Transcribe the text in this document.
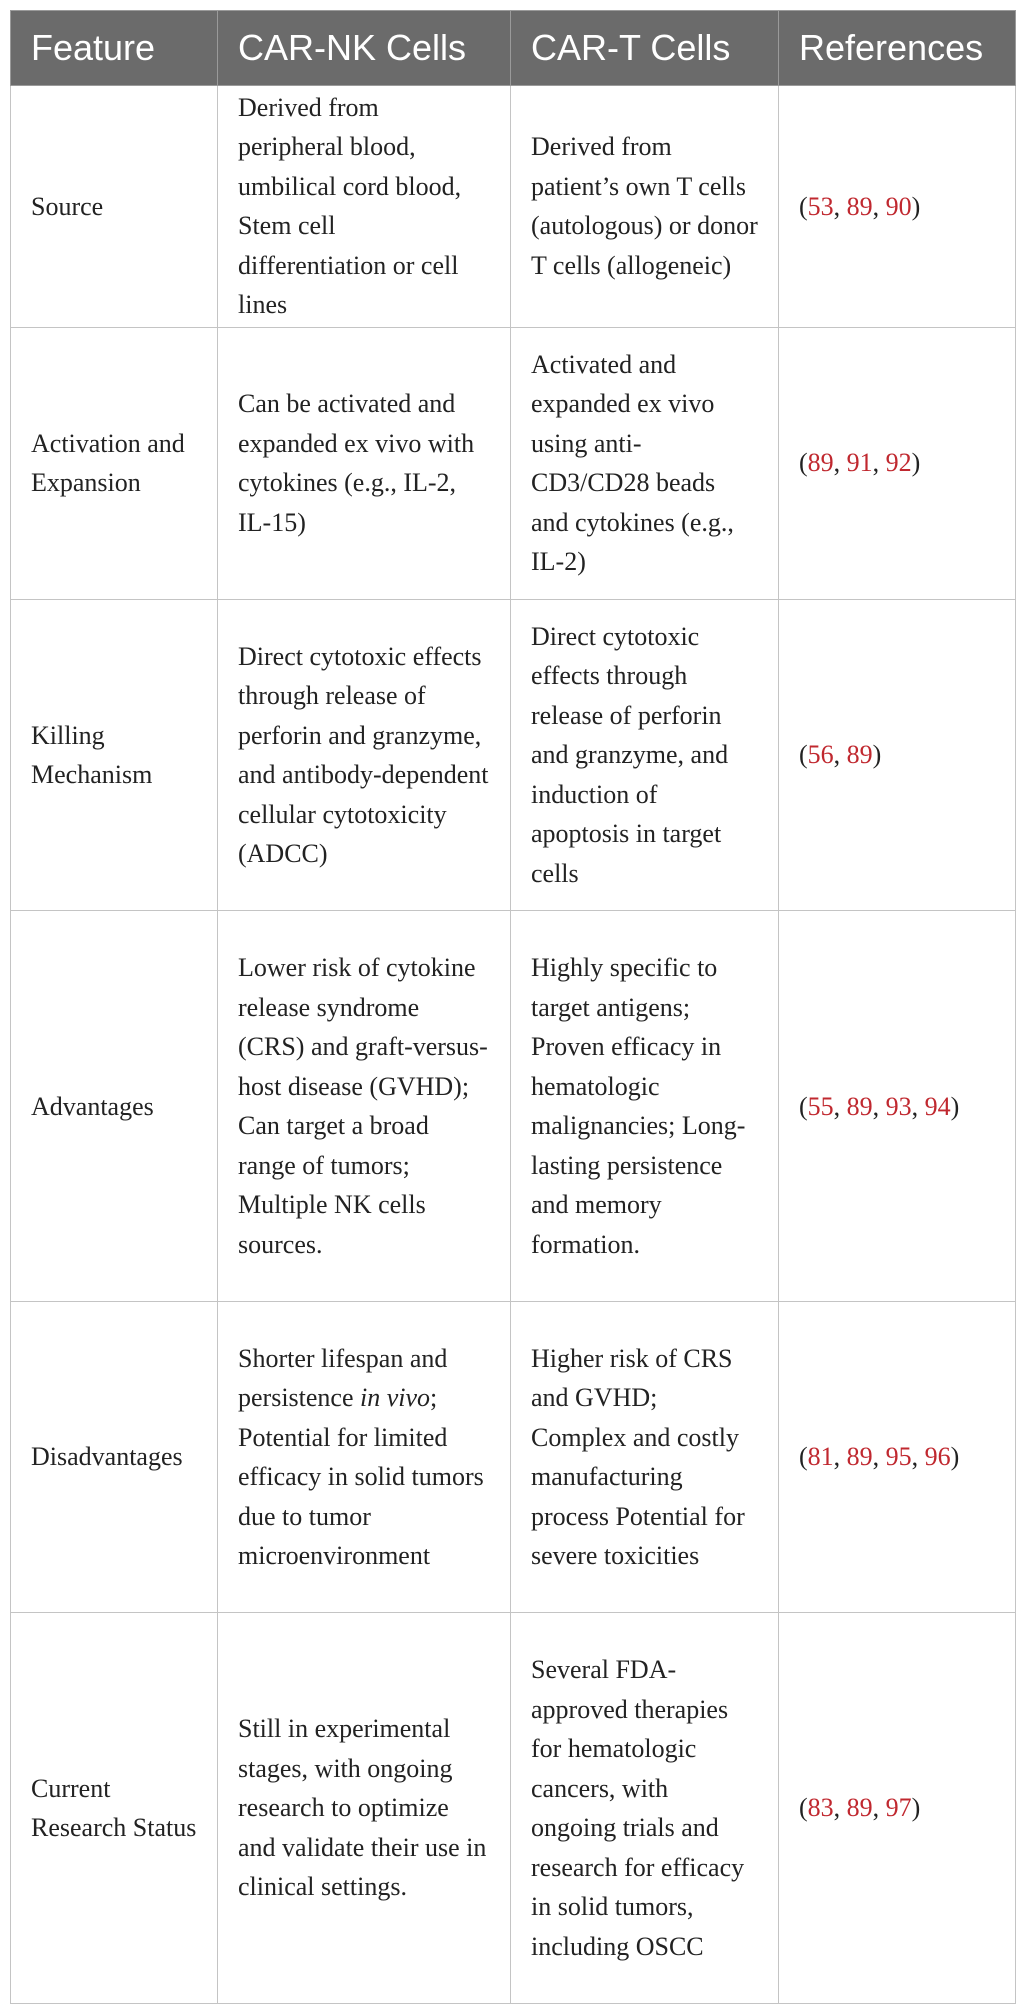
Feature	CAR-NK Cells	CAR-T Cells	References
Source	Derived from peripheral blood, umbilical cord blood, Stem cell differentiation or cell lines	Derived from patient’s own T cells (autologous) or donor T cells (allogeneic)	(53, 89, 90)
Activation and Expansion	Can be activated and expanded ex vivo with cytokines (e.g., IL-2, IL-15)	Activated and expanded ex vivo using anti-CD3/CD28 beads and cytokines (e.g., IL-2)	(89, 91, 92)
Killing Mechanism	Direct cytotoxic effects through release of perforin and granzyme, and antibody-dependent cellular cytotoxicity (ADCC)	Direct cytotoxic effects through release of perforin and granzyme, and induction of apoptosis in target cells	(56, 89)
Advantages	Lower risk of cytokine release syndrome (CRS) and graft-versus-host disease (GVHD); Can target a broad range of tumors; Multiple NK cells sources.	Highly specific to target antigens; Proven efficacy in hematologic malignancies; Long-lasting persistence and memory formation.	(55, 89, 93, 94)
Disadvantages	Shorter lifespan and persistence in vivo; Potential for limited efficacy in solid tumors due to tumor microenvironment	Higher risk of CRS and GVHD; Complex and costly manufacturing process Potential for severe toxicities	(81, 89, 95, 96)
Current Research Status	Still in experimental stages, with ongoing research to optimize and validate their use in clinical settings.	Several FDA-approved therapies for hematologic cancers, with ongoing trials and research for efficacy in solid tumors, including OSCC	(83, 89, 97)
